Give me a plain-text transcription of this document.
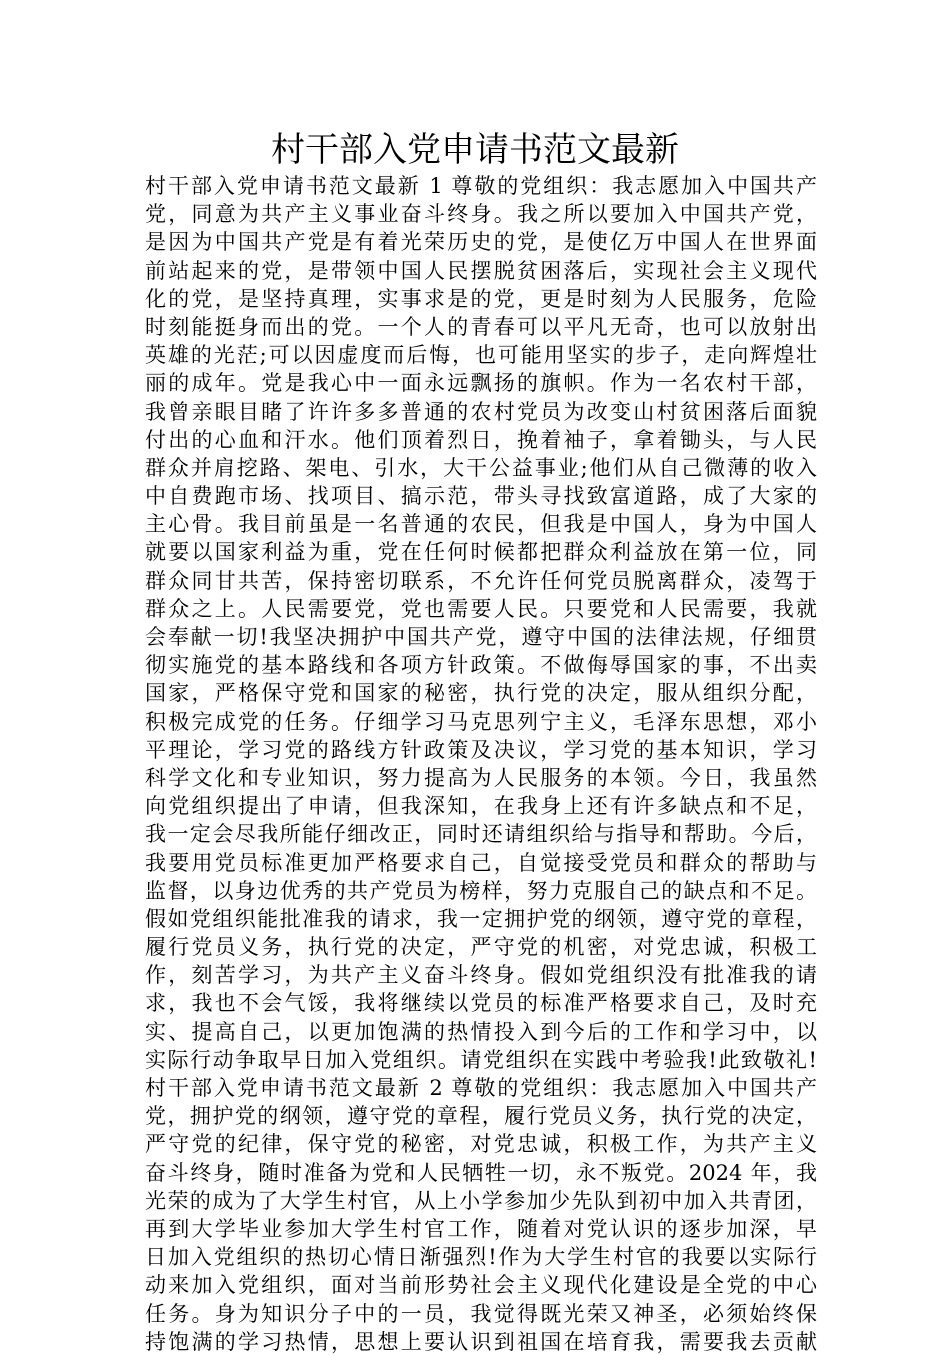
村干部入党申请书范文最新
村干部入党申请书范文最新 1 尊敬的党组织：我志愿加入中国共产
党，同意为共产主义事业奋斗终身。我之所以要加入中国共产党，
是因为中国共产党是有着光荣历史的党，是使亿万中国人在世界面
前站起来的党，是带领中国人民摆脱贫困落后，实现社会主义现代
化的党，是坚持真理，实事求是的党，更是时刻为人民服务，危险
时刻能挺身而出的党。一个人的青春可以平凡无奇，也可以放射出
英雄的光茫;可以因虚度而后悔，也可能用坚实的步子，走向辉煌壮
丽的成年。党是我心中一面永远飘扬的旗帜。作为一名农村干部，
我曾亲眼目睹了许许多多普通的农村党员为改变山村贫困落后面貌
付出的心血和汗水。他们顶着烈日，挽着袖子，拿着锄头，与人民
群众并肩挖路、架电、引水，大干公益事业;他们从自己微薄的收入
中自费跑市场、找项目、搞示范，带头寻找致富道路，成了大家的
主心骨。我目前虽是一名普通的农民，但我是中国人，身为中国人
就要以国家利益为重，党在任何时候都把群众利益放在第一位，同
群众同甘共苦，保持密切联系，不允许任何党员脱离群众，凌驾于
群众之上。人民需要党，党也需要人民。只要党和人民需要，我就
会奉献一切!我坚决拥护中国共产党，遵守中国的法律法规，仔细贯
彻实施党的基本路线和各项方针政策。不做侮辱国家的事，不出卖
国家，严格保守党和国家的秘密，执行党的决定，服从组织分配，
积极完成党的任务。仔细学习马克思列宁主义，毛泽东思想，邓小
平理论，学习党的路线方针政策及决议，学习党的基本知识，学习
科学文化和专业知识，努力提高为人民服务的本领。今日，我虽然
向党组织提出了申请，但我深知，在我身上还有许多缺点和不足，
我一定会尽我所能仔细改正，同时还请组织给与指导和帮助。今后，
我要用党员标准更加严格要求自己，自觉接受党员和群众的帮助与
监督，以身边优秀的共产党员为榜样，努力克服自己的缺点和不足。
假如党组织能批准我的请求，我一定拥护党的纲领，遵守党的章程，
履行党员义务，执行党的决定，严守党的机密，对党忠诚，积极工
作，刻苦学习，为共产主义奋斗终身。假如党组织没有批准我的请
求，我也不会气馁，我将继续以党员的标准严格要求自己，及时充
实、提高自己，以更加饱满的热情投入到今后的工作和学习中，以
实际行动争取早日加入党组织。请党组织在实践中考验我!此致敬礼!
村干部入党申请书范文最新 2 尊敬的党组织：我志愿加入中国共产
党，拥护党的纲领，遵守党的章程，履行党员义务，执行党的决定，
严守党的纪律，保守党的秘密，对党忠诚，积极工作，为共产主义
奋斗终身，随时准备为党和人民牺牲一切，永不叛党。2024 年，我
光荣的成为了大学生村官，从上小学参加少先队到初中加入共青团，
再到大学毕业参加大学生村官工作，随着对党认识的逐步加深，早
日加入党组织的热切心情日渐强烈!作为大学生村官的我要以实际行
动来加入党组织，面对当前形势社会主义现代化建设是全党的中心
任务。身为知识分子中的一员，我觉得既光荣又神圣，必须始终保
持饱满的学习热情，思想上要认识到祖国在培育我，需要我去贡献
